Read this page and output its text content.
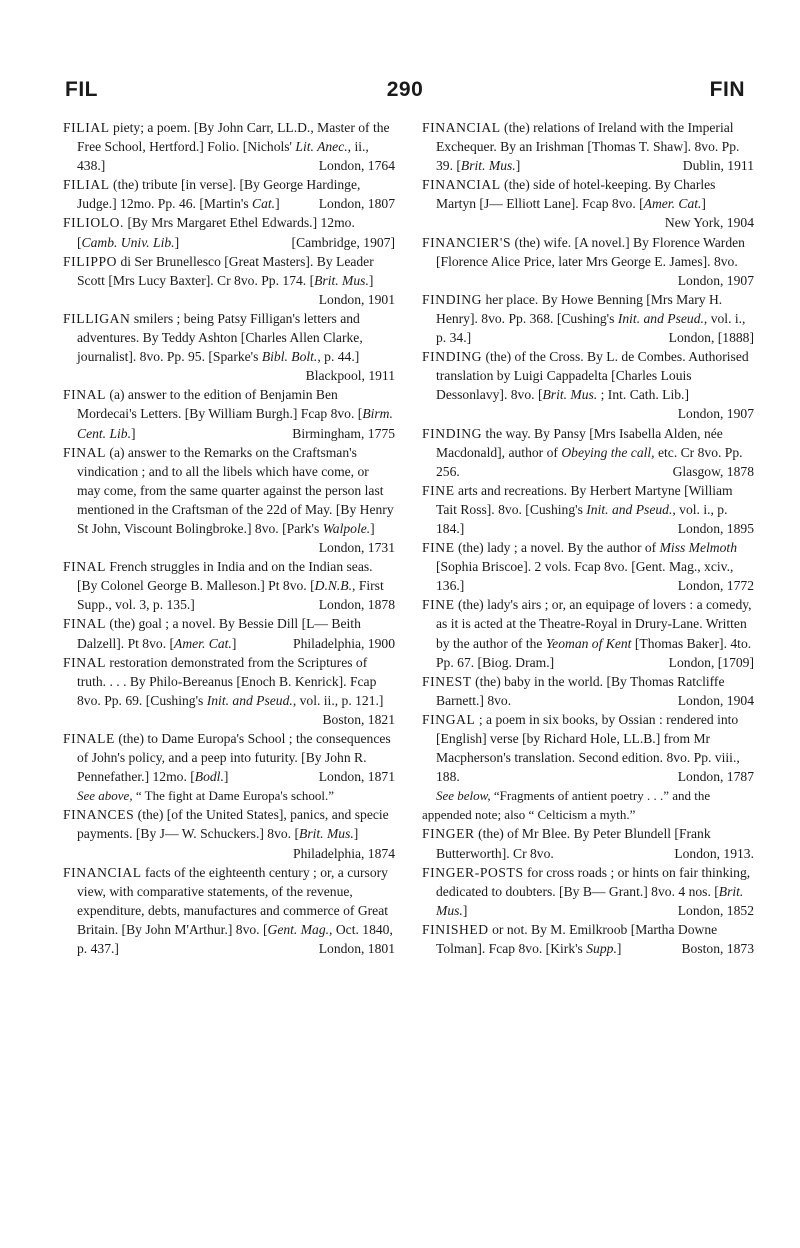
FIL	290	FIN

FILIAL piety; a poem. [By John Carr, LL.D., Master of the Free School, Hertford.] Folio. [Nichols' Lit. Anec., ii., 438.]	London, 1764

FILIAL (the) tribute [in verse]. [By George Hardinge, Judge.] 12mo. Pp. 46. [Martin's Cat.]	London, 1807

FILIOLO. [By Mrs Margaret Ethel Edwards.] 12mo. [Camb. Univ. Lib.]	[Cambridge, 1907]

FILIPPO di Ser Brunellesco [Great Masters]. By Leader Scott [Mrs Lucy Baxter]. Cr 8vo. Pp. 174. [Brit. Mus.]
London, 1901

FILLIGAN smilers ; being Patsy Filligan's letters and adventures. By Teddy Ashton [Charles Allen Clarke, journalist]. 8vo. Pp. 95. [Sparke's Bibl. Bolt., p. 44.]
Blackpool, 1911

FINAL (a) answer to the edition of Benjamin Ben Mordecai's Letters. [By William Burgh.] Fcap 8vo. [Birm. Cent. Lib.]	Birmingham, 1775

FINAL (a) answer to the Remarks on the Craftsman's vindication ; and to all the libels which have come, or may come, from the same quarter against the person last mentioned in the Craftsman of the 22d of May. [By Henry St John, Viscount Bolingbroke.] 8vo. [Park's Walpole.]
London, 1731

FINAL French struggles in India and on the Indian seas. [By Colonel George B. Malleson.] Pt 8vo. [D.N.B., First Supp., vol. 3, p. 135.]	London, 1878

FINAL (the) goal ; a novel. By Bessie Dill [L— Beith Dalzell]. Pt 8vo. [Amer. Cat.]	Philadelphia, 1900

FINAL restoration demonstrated from the Scriptures of truth. . . . By Philo-Bereanus [Enoch B. Kenrick]. Fcap 8vo. Pp. 69. [Cushing's Init. and Pseud., vol. ii., p. 121.]
Boston, 1821

FINALE (the) to Dame Europa's School ; the consequences of John's policy, and a peep into futurity. [By John R. Pennefather.] 12mo. [Bodl.]	London, 1871

See above, “ The fight at Dame Europa's school.”

FINANCES (the) [of the United States], panics, and specie payments. [By J— W. Schuckers.] 8vo. [Brit. Mus.]
Philadelphia, 1874

FINANCIAL facts of the eighteenth century ; or, a cursory view, with comparative statements, of the revenue, expenditure, debts, manufactures and commerce of Great Britain. [By John M'Arthur.] 8vo. [Gent. Mag., Oct. 1840, p. 437.]	London, 1801

FINANCIAL (the) relations of Ireland with the Imperial Exchequer. By an Irishman [Thomas T. Shaw]. 8vo. Pp. 39. [Brit. Mus.]	Dublin, 1911

FINANCIAL (the) side of hotel-keeping. By Charles Martyn [J— Elliott Lane]. Fcap 8vo. [Amer. Cat.]
New York, 1904

FINANCIER'S (the) wife. [A novel.] By Florence Warden [Florence Alice Price, later Mrs George E. James]. 8vo.
London, 1907

FINDING her place. By Howe Benning [Mrs Mary H. Henry]. 8vo. Pp. 368. [Cushing's Init. and Pseud., vol. i., p. 34.]	London, [1888]

FINDING (the) of the Cross. By L. de Combes. Authorised translation by Luigi Cappadelta [Charles Louis Dessonlavy]. 8vo. [Brit. Mus. ; Int. Cath. Lib.]
London, 1907

FINDING the way. By Pansy [Mrs Isabella Alden, née Macdonald], author of Obeying the call, etc. Cr 8vo. Pp. 256.	Glasgow, 1878

FINE arts and recreations. By Herbert Martyne [William Tait Ross]. 8vo. [Cushing's Init. and Pseud., vol. i., p. 184.]	London, 1895

FINE (the) lady ; a novel. By the author of Miss Melmoth [Sophia Briscoe]. 2 vols. Fcap 8vo. [Gent. Mag., xciv., 136.]	London, 1772

FINE (the) lady's airs ; or, an equipage of lovers : a comedy, as it is acted at the Theatre-Royal in Drury-Lane. Written by the author of the Yeoman of Kent [Thomas Baker]. 4to. Pp. 67. [Biog. Dram.]	London, [1709]

FINEST (the) baby in the world. [By Thomas Ratcliffe Barnett.] 8vo.	London, 1904

FINGAL ; a poem in six books, by Ossian : rendered into [English] verse [by Richard Hole, LL.B.] from Mr Macpherson's translation. Second edition. 8vo. Pp. viii., 188.	London, 1787

See below, “Fragments of antient poetry . . .” and the appended note; also “ Celticism a myth.”

FINGER (the) of Mr Blee. By Peter Blundell [Frank Butterworth]. Cr 8vo.	London, 1913.

FINGER-POSTS for cross roads ; or hints on fair thinking, dedicated to doubters. [By B— Grant.] 8vo. 4 nos. [Brit. Mus.]	London, 1852

FINISHED or not. By M. Emilkroob [Martha Downe Tolman]. Fcap 8vo. [Kirk's Supp.]	Boston, 1873
